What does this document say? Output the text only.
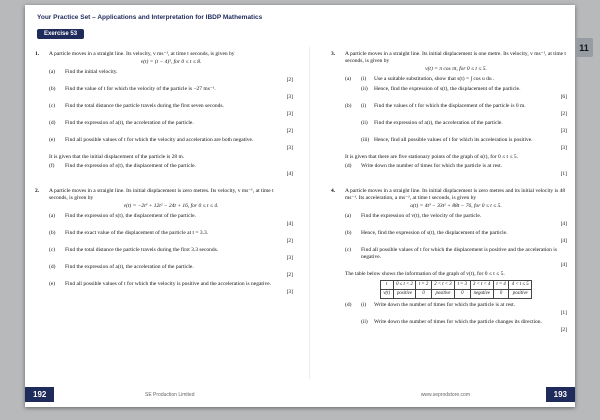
Your Practice Set – Applications and Interpretation for IBDP Mathematics
Exercise 53
1.	A particle moves in a straight line. Its velocity, v ms⁻¹, at time t seconds, is given by
v(t) = (t − 4)³, for 0 ≤ t ≤ 8.
(a)	Find the initial velocity.
[2]
(b)	Find the value of t for which the velocity of the particle is −27 ms⁻¹.
[3]
(c)	Find the total distance the particle travels during the first seven seconds.
[3]
(d)	Find the expression of a(t), the acceleration of the particle.
[2]
(e)	Find all possible values of t for which the velocity and acceleration are both negative.
[3]
It is given that the initial displacement of the particle is 28 m.
(f)	Find the expression of s(t), the displacement of the particle.
[4]
2.	A particle moves in a straight line. Its initial displacement is zero metres. Its velocity, v ms⁻¹, at time t seconds, is given by
v(t) = −2t³ + 12t² − 24t + 16, for 0 ≤ t ≤ 4.
(a)	Find the expression of s(t), the displacement of the particle.
[4]
(b)	Find the exact value of the displacement of the particle at t = 3.3.
[2]
(c)	Find the total distance the particle travels during the first 3.3 seconds.
[3]
(d)	Find the expression of a(t), the acceleration of the particle.
[2]
(e)	Find all possible values of t for which the velocity is positive and the acceleration is negative.
[3]
3.	A particle moves in a straight line. Its initial displacement is one metre. Its velocity, v ms⁻¹, at time t seconds, is given by
v(t) = π cos πt, for 0 ≤ t ≤ 5.
(a)	(i)	Use a suitable substitution, show that s(t) = ∫ cos u du .
(ii)	Hence, find the expression of s(t), the displacement of the particle.
[6]
(b)	(i)	Find the values of t for which the displacement of the particle is 0 m.
[2]
(ii)	Find the expression of a(t), the acceleration of the particle.
[3]
(iii) Hence, find all possible values of t for which its acceleration is positive.
[3]
It is given that there are five stationary points of the graph of s(t), for 0 ≤ t ≤ 5.
(d)	Write down the number of times for which the particle is at rest.
[1]
4.	A particle moves in a straight line. Its initial displacement is zero metres and its initial velocity is 48 ms⁻¹. Its acceleration, a ms⁻², at time t seconds, is given by
a(t) = 4t³ − 33t² + 88t − 76, for 0 ≤ t ≤ 5.
(a)	Find the expression of v(t), the velocity of the particle.
[4]
(b)	Hence, find the expression of s(t), the displacement of the particle.
[4]
(c)	Find all possible values of t for which the displacement is positive and the acceleration is negative.
[4]
The table below shows the information of the graph of v(t), for 0 ≤ t ≤ 5.
t	0 ≤ t < 2	t = 2	2 < t < 3	t = 3	3 < t < 4	t = 4	4 < t ≤ 5
v(t)	positive	0	positive	0	negative	0	positive
(d)	(i)	Write down the number of times for which the particle is at rest.
[1]
(ii)	Write down the number of times for which the particle changes its direction.
[2]
192	SE Production Limited	www.seprodstore.com	193
11
